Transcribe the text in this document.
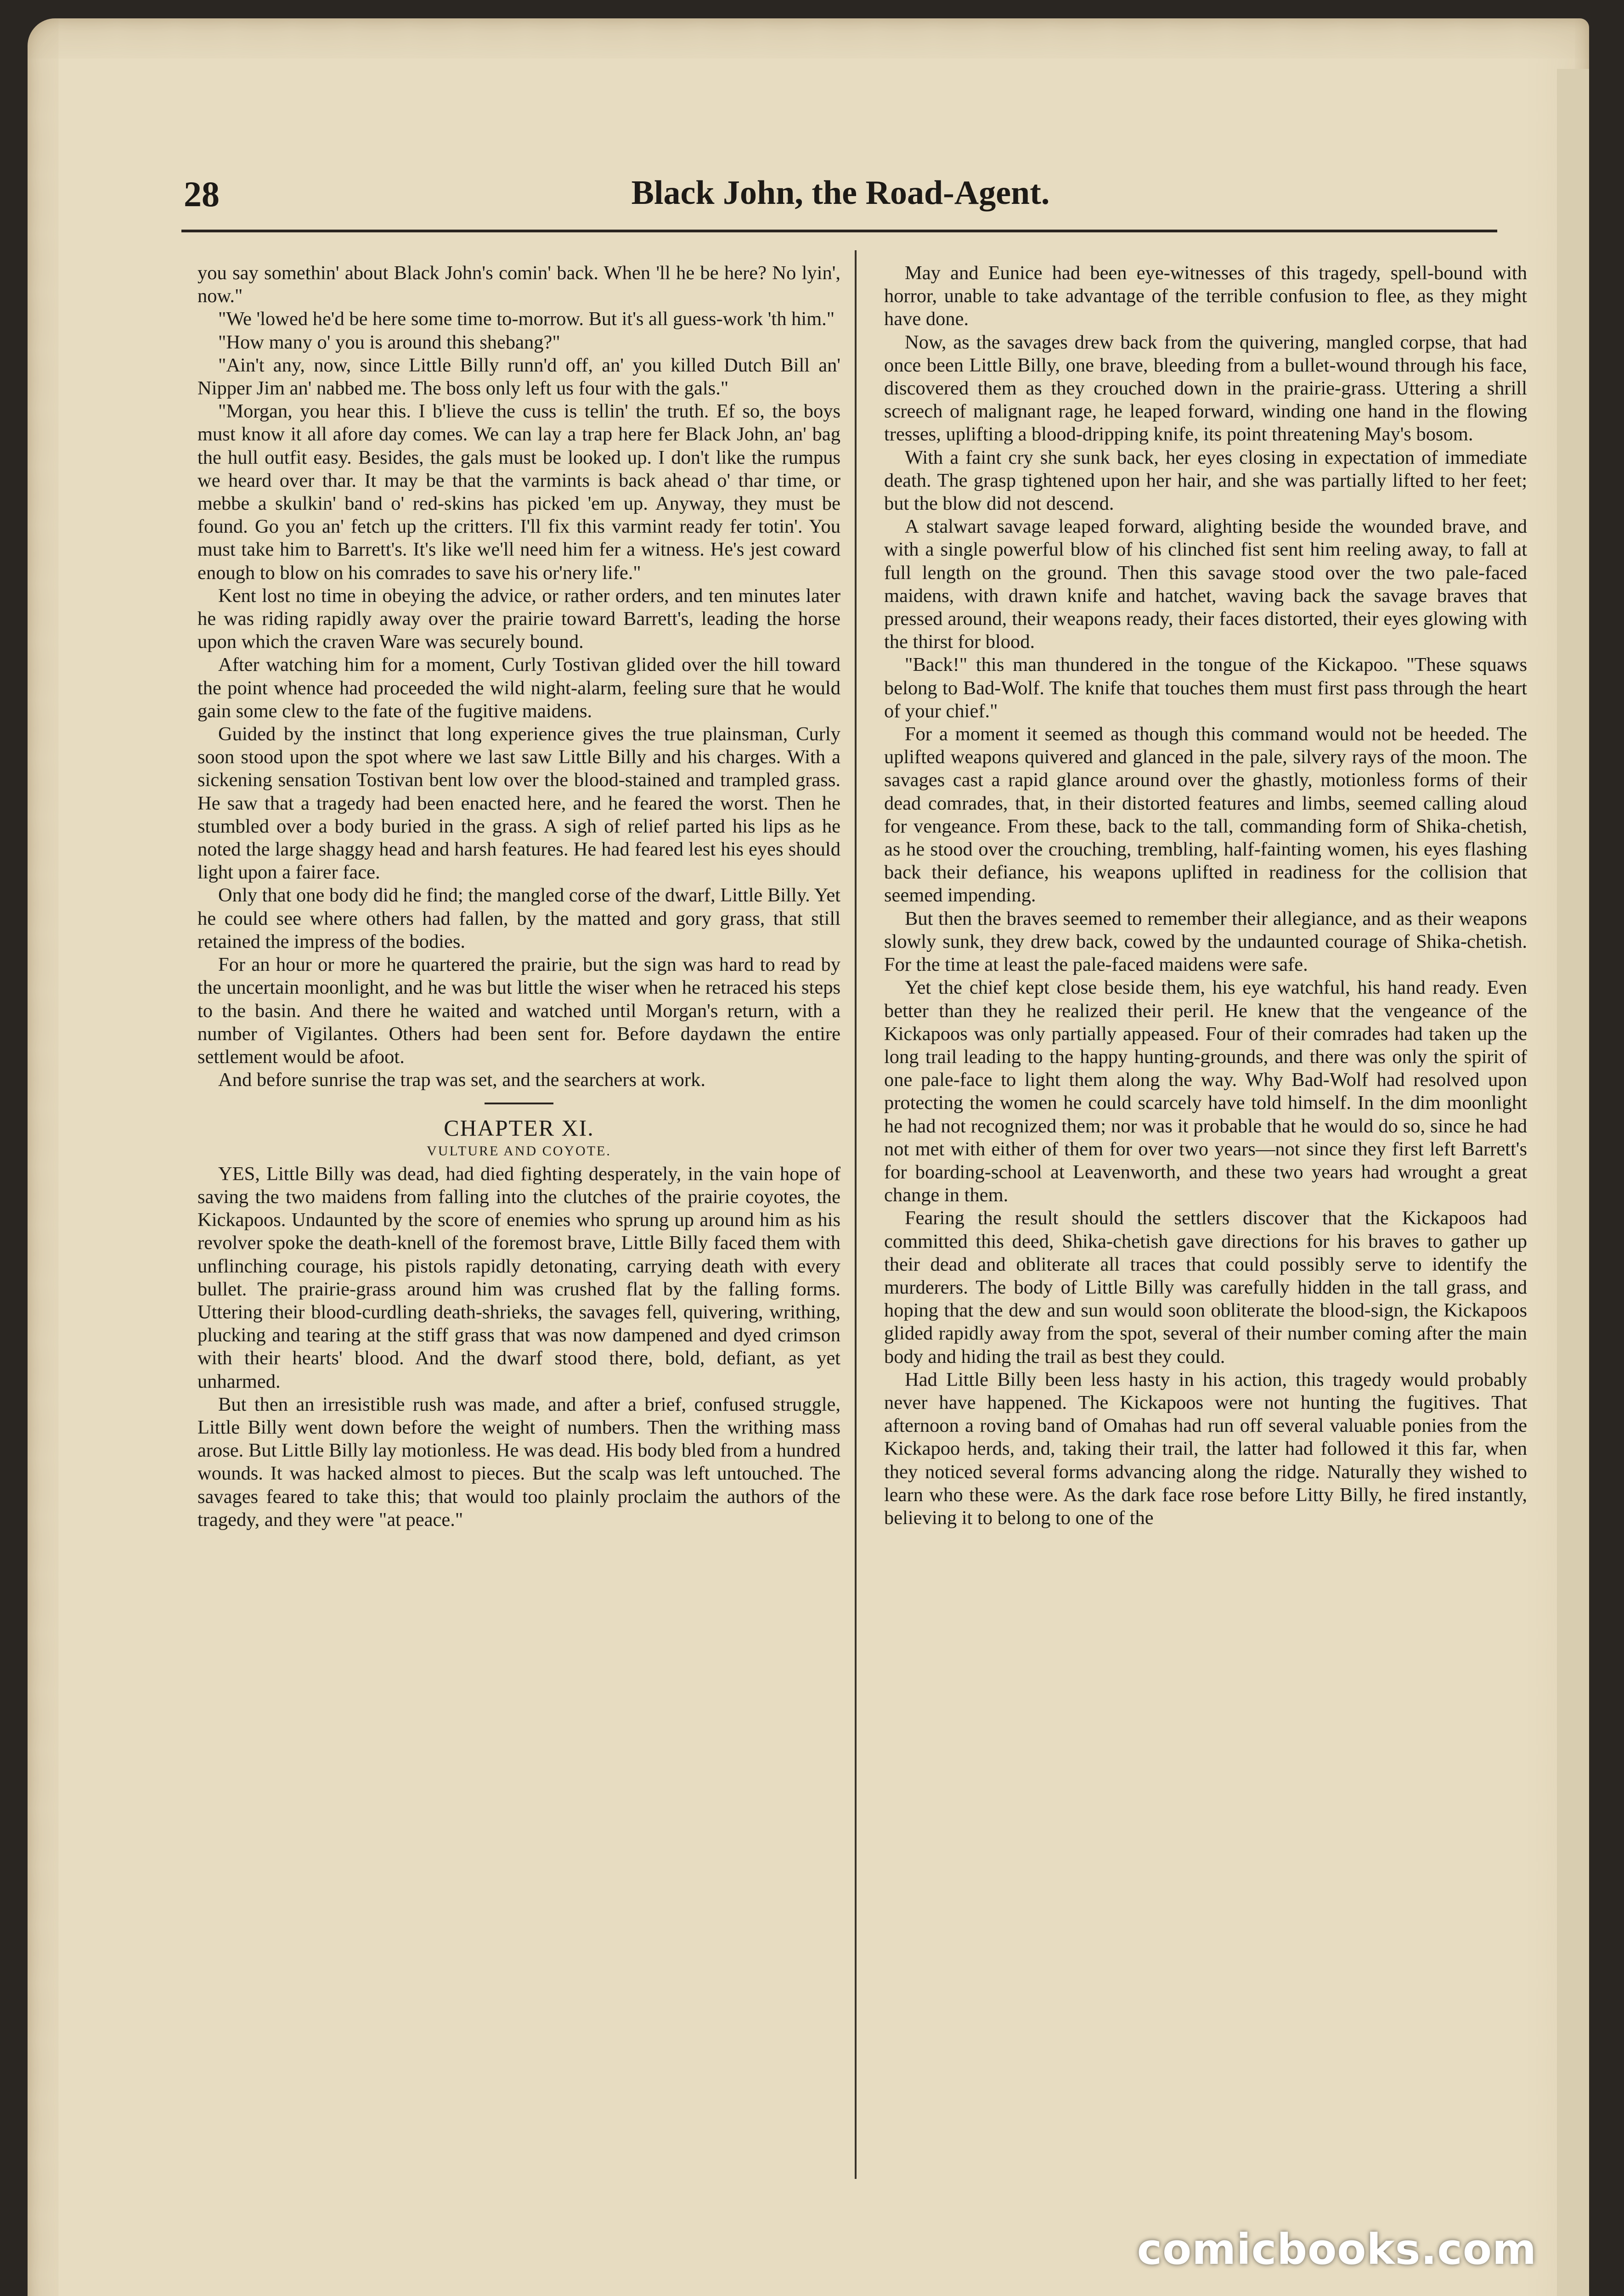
28	Black John, the Road-Agent.

you say somethin' about Black John's comin' back. When 'll he be here? No lyin', now."

"We 'lowed he'd be here some time to-morrow. But it's all guess-work 'th him."

"How many o' you is around this shebang?"

"Ain't any, now, since Little Billy runn'd off, an' you killed Dutch Bill an' Nipper Jim an' nabbed me. The boss only left us four with the gals."

"Morgan, you hear this. I b'lieve the cuss is tellin' the truth. Ef so, the boys must know it all afore day comes. We can lay a trap here fer Black John, an' bag the hull outfit easy. Besides, the gals must be looked up. I don't like the rumpus we heard over thar. It may be that the varmints is back ahead o' thar time, or mebbe a skulkin' band o' red-skins has picked 'em up. Anyway, they must be found. Go you an' fetch up the critters. I'll fix this varmint ready fer totin'. You must take him to Barrett's. It's like we'll need him fer a witness. He's jest coward enough to blow on his comrades to save his or'nery life."

Kent lost no time in obeying the advice, or rather orders, and ten minutes later he was riding rapidly away over the prairie toward Barrett's, leading the horse upon which the craven Ware was securely bound.

After watching him for a moment, Curly Tostivan glided over the hill toward the point whence had proceeded the wild night-alarm, feeling sure that he would gain some clew to the fate of the fugitive maidens.

Guided by the instinct that long experience gives the true plainsman, Curly soon stood upon the spot where we last saw Little Billy and his charges. With a sickening sensation Tostivan bent low over the blood-stained and trampled grass. He saw that a tragedy had been enacted here, and he feared the worst. Then he stumbled over a body buried in the grass. A sigh of relief parted his lips as he noted the large shaggy head and harsh features. He had feared lest his eyes should light upon a fairer face.

Only that one body did he find; the mangled corse of the dwarf, Little Billy. Yet he could see where others had fallen, by the matted and gory grass, that still retained the impress of the bodies.

For an hour or more he quartered the prairie, but the sign was hard to read by the uncertain moonlight, and he was but little the wiser when he retraced his steps to the basin. And there he waited and watched until Morgan's return, with a number of Vigilantes. Others had been sent for. Before daydawn the entire settlement would be afoot.

And before sunrise the trap was set, and the searchers at work.

CHAPTER XI.

VULTURE AND COYOTE.

YES, Little Billy was dead, had died fighting desperately, in the vain hope of saving the two maidens from falling into the clutches of the prairie coyotes, the Kickapoos. Undaunted by the score of enemies who sprung up around him as his revolver spoke the death-knell of the foremost brave, Little Billy faced them with unflinching courage, his pistols rapidly detonating, carrying death with every bullet. The prairie-grass around him was crushed flat by the falling forms. Uttering their blood-curdling death-shrieks, the savages fell, quivering, writhing, plucking and tearing at the stiff grass that was now dampened and dyed crimson with their hearts' blood. And the dwarf stood there, bold, defiant, as yet unharmed.

But then an irresistible rush was made, and after a brief, confused struggle, Little Billy went down before the weight of numbers. Then the writhing mass arose. But Little Billy lay motionless. He was dead. His body bled from a hundred wounds. It was hacked almost to pieces. But the scalp was left untouched. The savages feared to take this; that would too plainly proclaim the authors of the tragedy, and they were "at peace."

May and Eunice had been eye-witnesses of this tragedy, spell-bound with horror, unable to take advantage of the terrible confusion to flee, as they might have done.

Now, as the savages drew back from the quivering, mangled corpse, that had once been Little Billy, one brave, bleeding from a bullet-wound through his face, discovered them as they crouched down in the prairie-grass. Uttering a shrill screech of malignant rage, he leaped forward, winding one hand in the flowing tresses, uplifting a blood-dripping knife, its point threatening May's bosom.

With a faint cry she sunk back, her eyes closing in expectation of immediate death. The grasp tightened upon her hair, and she was partially lifted to her feet; but the blow did not descend.

A stalwart savage leaped forward, alighting beside the wounded brave, and with a single powerful blow of his clinched fist sent him reeling away, to fall at full length on the ground. Then this savage stood over the two pale-faced maidens, with drawn knife and hatchet, waving back the savage braves that pressed around, their weapons ready, their faces distorted, their eyes glowing with the thirst for blood.

"Back!" this man thundered in the tongue of the Kickapoo. "These squaws belong to Bad-Wolf. The knife that touches them must first pass through the heart of your chief."

For a moment it seemed as though this command would not be heeded. The uplifted weapons quivered and glanced in the pale, silvery rays of the moon. The savages cast a rapid glance around over the ghastly, motionless forms of their dead comrades, that, in their distorted features and limbs, seemed calling aloud for vengeance. From these, back to the tall, commanding form of Shika-chetish, as he stood over the crouching, trembling, half-fainting women, his eyes flashing back their defiance, his weapons uplifted in readiness for the collision that seemed impending.

But then the braves seemed to remember their allegiance, and as their weapons slowly sunk, they drew back, cowed by the undaunted courage of Shika-chetish. For the time at least the pale-faced maidens were safe.

Yet the chief kept close beside them, his eye watchful, his hand ready. Even better than they he realized their peril. He knew that the vengeance of the Kickapoos was only partially appeased. Four of their comrades had taken up the long trail leading to the happy hunting-grounds, and there was only the spirit of one pale-face to light them along the way. Why Bad-Wolf had resolved upon protecting the women he could scarcely have told himself. In the dim moonlight he had not recognized them; nor was it probable that he would do so, since he had not met with either of them for over two years—not since they first left Barrett's for boarding-school at Leavenworth, and these two years had wrought a great change in them.

Fearing the result should the settlers discover that the Kickapoos had committed this deed, Shika-chetish gave directions for his braves to gather up their dead and obliterate all traces that could possibly serve to identify the murderers. The body of Little Billy was carefully hidden in the tall grass, and hoping that the dew and sun would soon obliterate the blood-sign, the Kickapoos glided rapidly away from the spot, several of their number coming after the main body and hiding the trail as best they could.

Had Little Billy been less hasty in his action, this tragedy would probably never have happened. The Kickapoos were not hunting the fugitives. That afternoon a roving band of Omahas had run off several valuable ponies from the Kickapoo herds, and, taking their trail, the latter had followed it this far, when they noticed several forms advancing along the ridge. Naturally they wished to learn who these were. As the dark face rose before Litty Billy, he fired instantly, believing it to belong to one of the

comicbooks.com
